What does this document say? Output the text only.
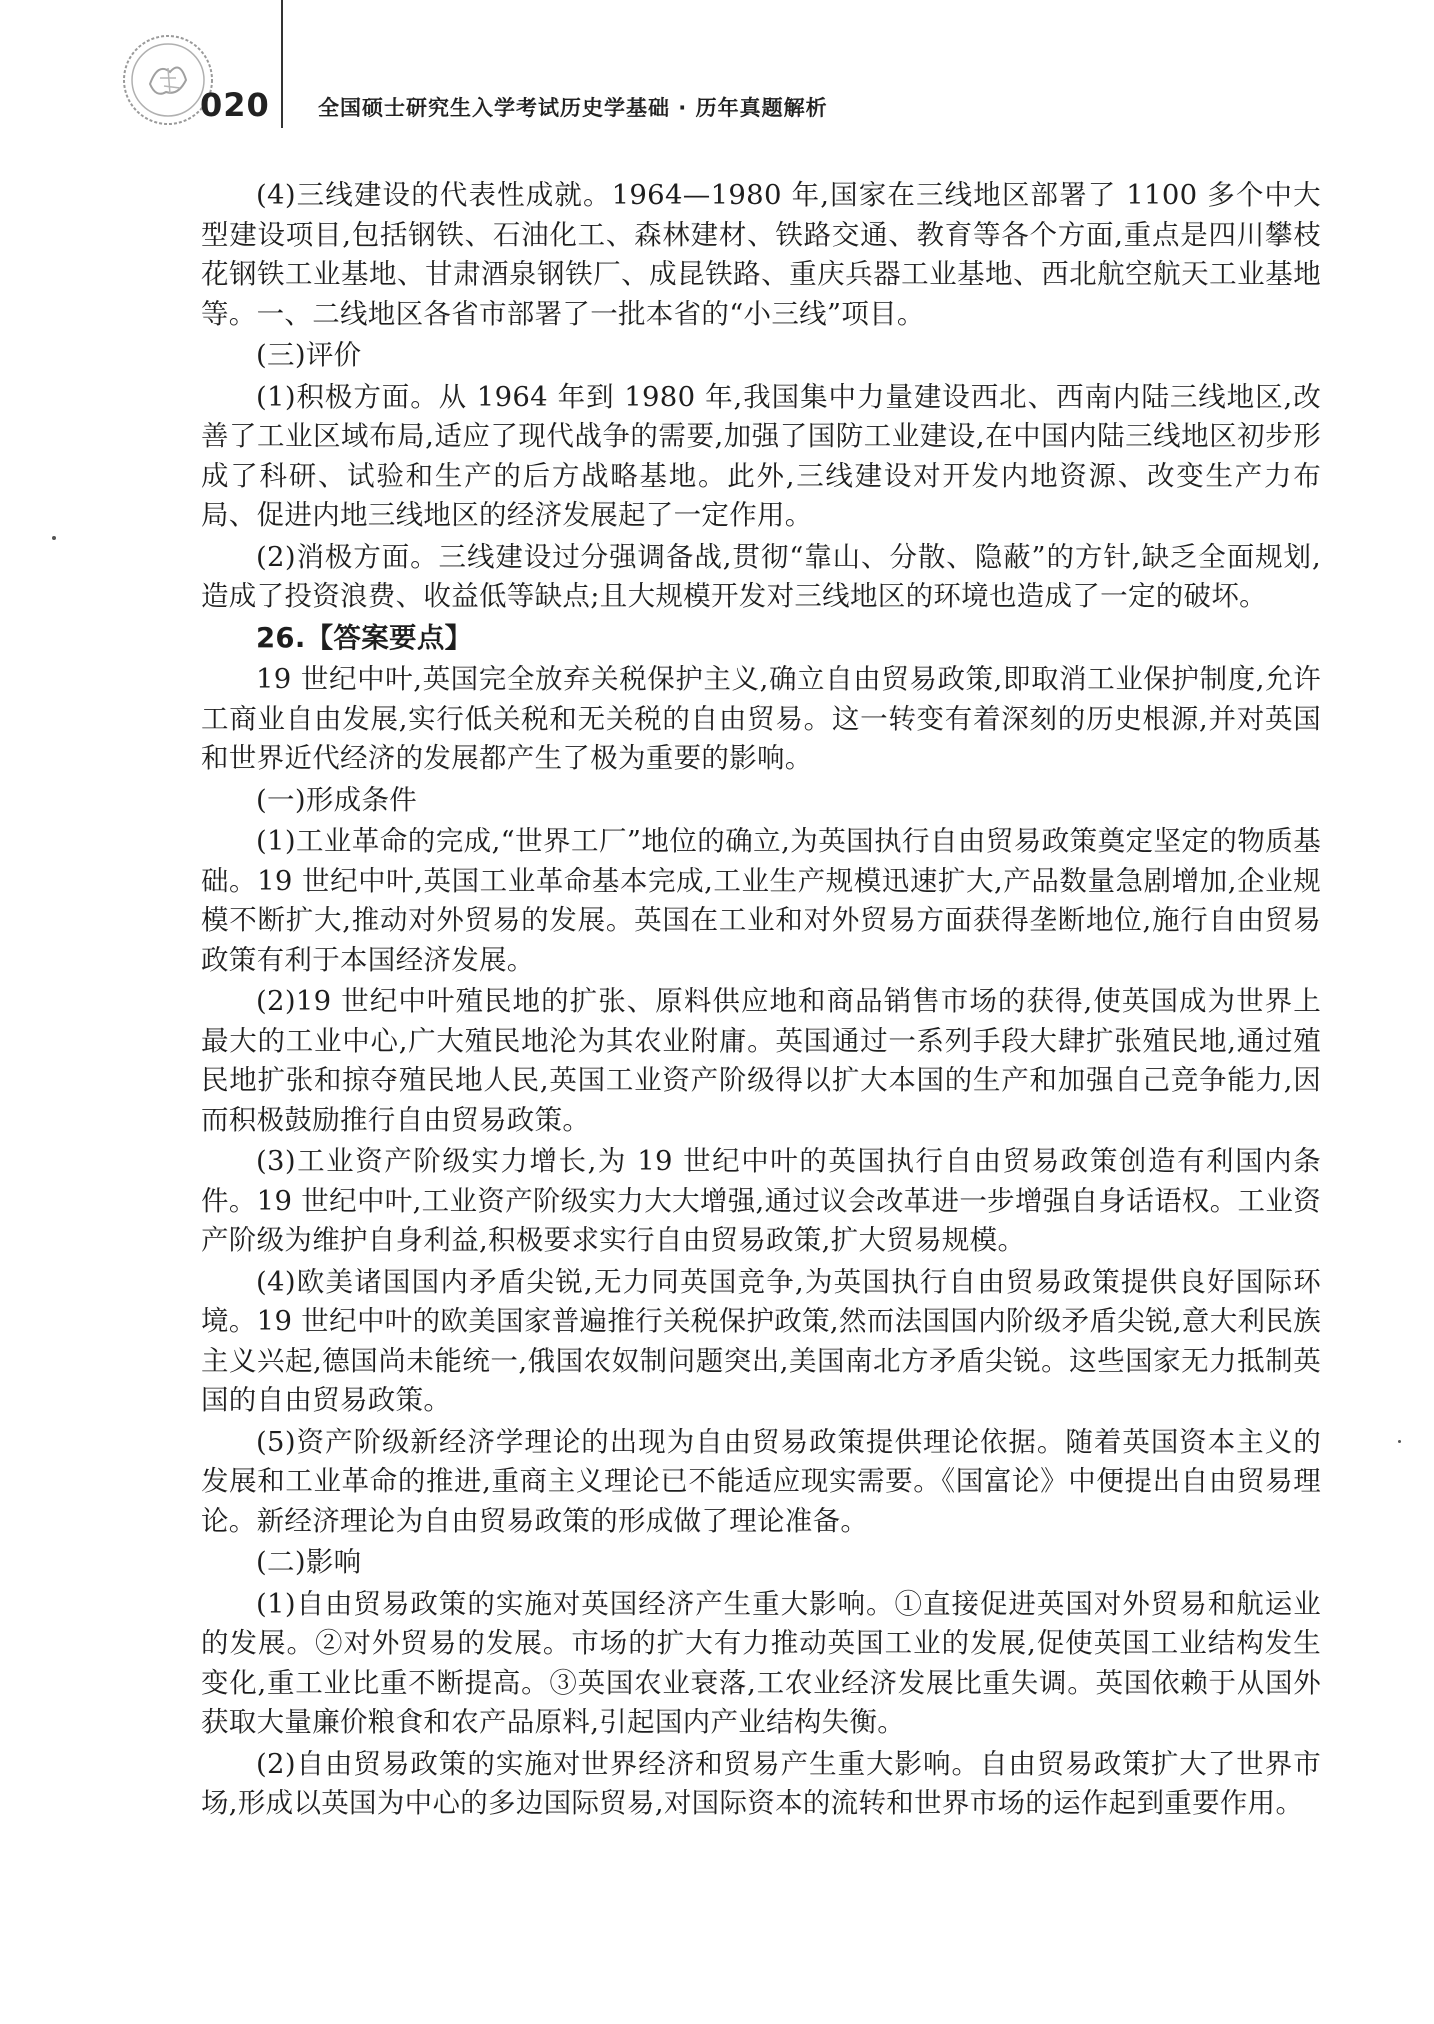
020 全国硕士研究生入学考试历史学基础 · 历年真题解析

(4)三线建设的代表性成就。1964—1980 年,国家在三线地区部署了 1100 多个中大型建设项目,包括钢铁、石油化工、森林建材、铁路交通、教育等各个方面,重点是四川攀枝花钢铁工业基地、甘肃酒泉钢铁厂、成昆铁路、重庆兵器工业基地、西北航空航天工业基地等。一、二线地区各省市部署了一批本省的“小三线”项目。

(三)评价

(1)积极方面。从 1964 年到 1980 年,我国集中力量建设西北、西南内陆三线地区,改善了工业区域布局,适应了现代战争的需要,加强了国防工业建设,在中国内陆三线地区初步形成了科研、试验和生产的后方战略基地。此外,三线建设对开发内地资源、改变生产力布局、促进内地三线地区的经济发展起了一定作用。

(2)消极方面。三线建设过分强调备战,贯彻“靠山、分散、隐蔽”的方针,缺乏全面规划,造成了投资浪费、收益低等缺点;且大规模开发对三线地区的环境也造成了一定的破坏。

26.【答案要点】

19 世纪中叶,英国完全放弃关税保护主义,确立自由贸易政策,即取消工业保护制度,允许工商业自由发展,实行低关税和无关税的自由贸易。这一转变有着深刻的历史根源,并对英国和世界近代经济的发展都产生了极为重要的影响。

(一)形成条件

(1)工业革命的完成,“世界工厂”地位的确立,为英国执行自由贸易政策奠定坚定的物质基础。19 世纪中叶,英国工业革命基本完成,工业生产规模迅速扩大,产品数量急剧增加,企业规模不断扩大,推动对外贸易的发展。英国在工业和对外贸易方面获得垄断地位,施行自由贸易政策有利于本国经济发展。

(2)19 世纪中叶殖民地的扩张、原料供应地和商品销售市场的获得,使英国成为世界上最大的工业中心,广大殖民地沦为其农业附庸。英国通过一系列手段大肆扩张殖民地,通过殖民地扩张和掠夺殖民地人民,英国工业资产阶级得以扩大本国的生产和加强自己竞争能力,因而积极鼓励推行自由贸易政策。

(3)工业资产阶级实力增长,为 19 世纪中叶的英国执行自由贸易政策创造有利国内条件。19 世纪中叶,工业资产阶级实力大大增强,通过议会改革进一步增强自身话语权。工业资产阶级为维护自身利益,积极要求实行自由贸易政策,扩大贸易规模。

(4)欧美诸国国内矛盾尖锐,无力同英国竞争,为英国执行自由贸易政策提供良好国际环境。19 世纪中叶的欧美国家普遍推行关税保护政策,然而法国国内阶级矛盾尖锐,意大利民族主义兴起,德国尚未能统一,俄国农奴制问题突出,美国南北方矛盾尖锐。这些国家无力抵制英国的自由贸易政策。

(5)资产阶级新经济学理论的出现为自由贸易政策提供理论依据。随着英国资本主义的发展和工业革命的推进,重商主义理论已不能适应现实需要。《国富论》中便提出自由贸易理论。新经济理论为自由贸易政策的形成做了理论准备。

(二)影响

(1)自由贸易政策的实施对英国经济产生重大影响。①直接促进英国对外贸易和航运业的发展。②对外贸易的发展。市场的扩大有力推动英国工业的发展,促使英国工业结构发生变化,重工业比重不断提高。③英国农业衰落,工农业经济发展比重失调。英国依赖于从国外获取大量廉价粮食和农产品原料,引起国内产业结构失衡。

(2)自由贸易政策的实施对世界经济和贸易产生重大影响。自由贸易政策扩大了世界市场,形成以英国为中心的多边国际贸易,对国际资本的流转和世界市场的运作起到重要作用。
